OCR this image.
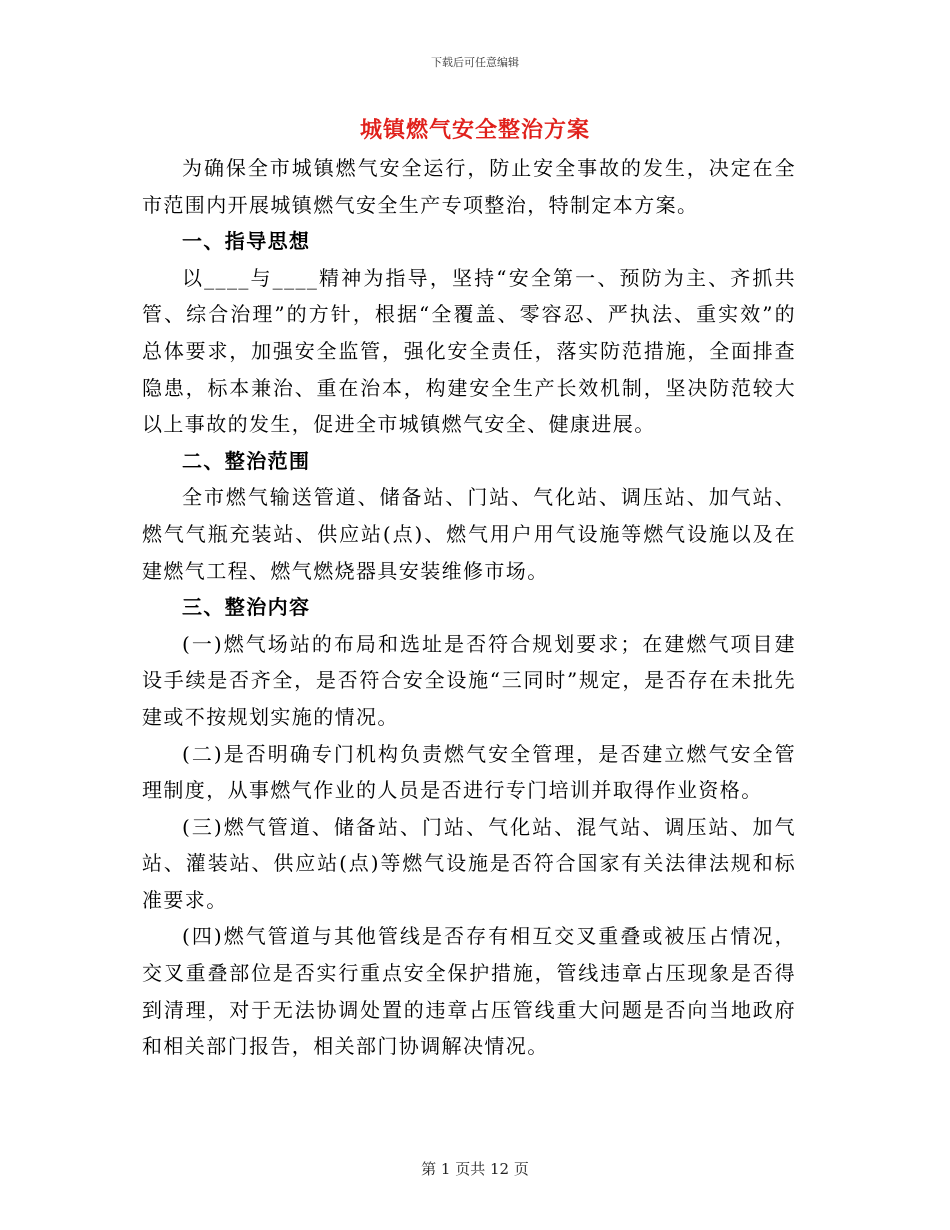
下载后可任意编辑
城镇燃气安全整治方案

为确保全市城镇燃气安全运行，防止安全事故的发生，决定在全市范围内开展城镇燃气安全生产专项整治，特制定本方案。

一、指导思想

以____与____精神为指导，坚持“安全第一、预防为主、齐抓共管、综合治理”的方针，根据“全覆盖、零容忍、严执法、重实效”的总体要求，加强安全监管，强化安全责任，落实防范措施，全面排查隐患，标本兼治、重在治本，构建安全生产长效机制，坚决防范较大以上事故的发生，促进全市城镇燃气安全、健康进展。

二、整治范围

全市燃气输送管道、储备站、门站、气化站、调压站、加气站、燃气气瓶充装站、供应站(点)、燃气用户用气设施等燃气设施以及在建燃气工程、燃气燃烧器具安装维修市场。

三、整治内容

(一)燃气场站的布局和选址是否符合规划要求；在建燃气项目建设手续是否齐全，是否符合安全设施“三同时”规定，是否存在未批先建或不按规划实施的情况。

(二)是否明确专门机构负责燃气安全管理，是否建立燃气安全管理制度，从事燃气作业的人员是否进行专门培训并取得作业资格。

(三)燃气管道、储备站、门站、气化站、混气站、调压站、加气站、灌装站、供应站(点)等燃气设施是否符合国家有关法律法规和标准要求。

(四)燃气管道与其他管线是否存有相互交叉重叠或被压占情况，交叉重叠部位是否实行重点安全保护措施，管线违章占压现象是否得到清理，对于无法协调处置的违章占压管线重大问题是否向当地政府和相关部门报告，相关部门协调解决情况。

第 1 页共 12 页
